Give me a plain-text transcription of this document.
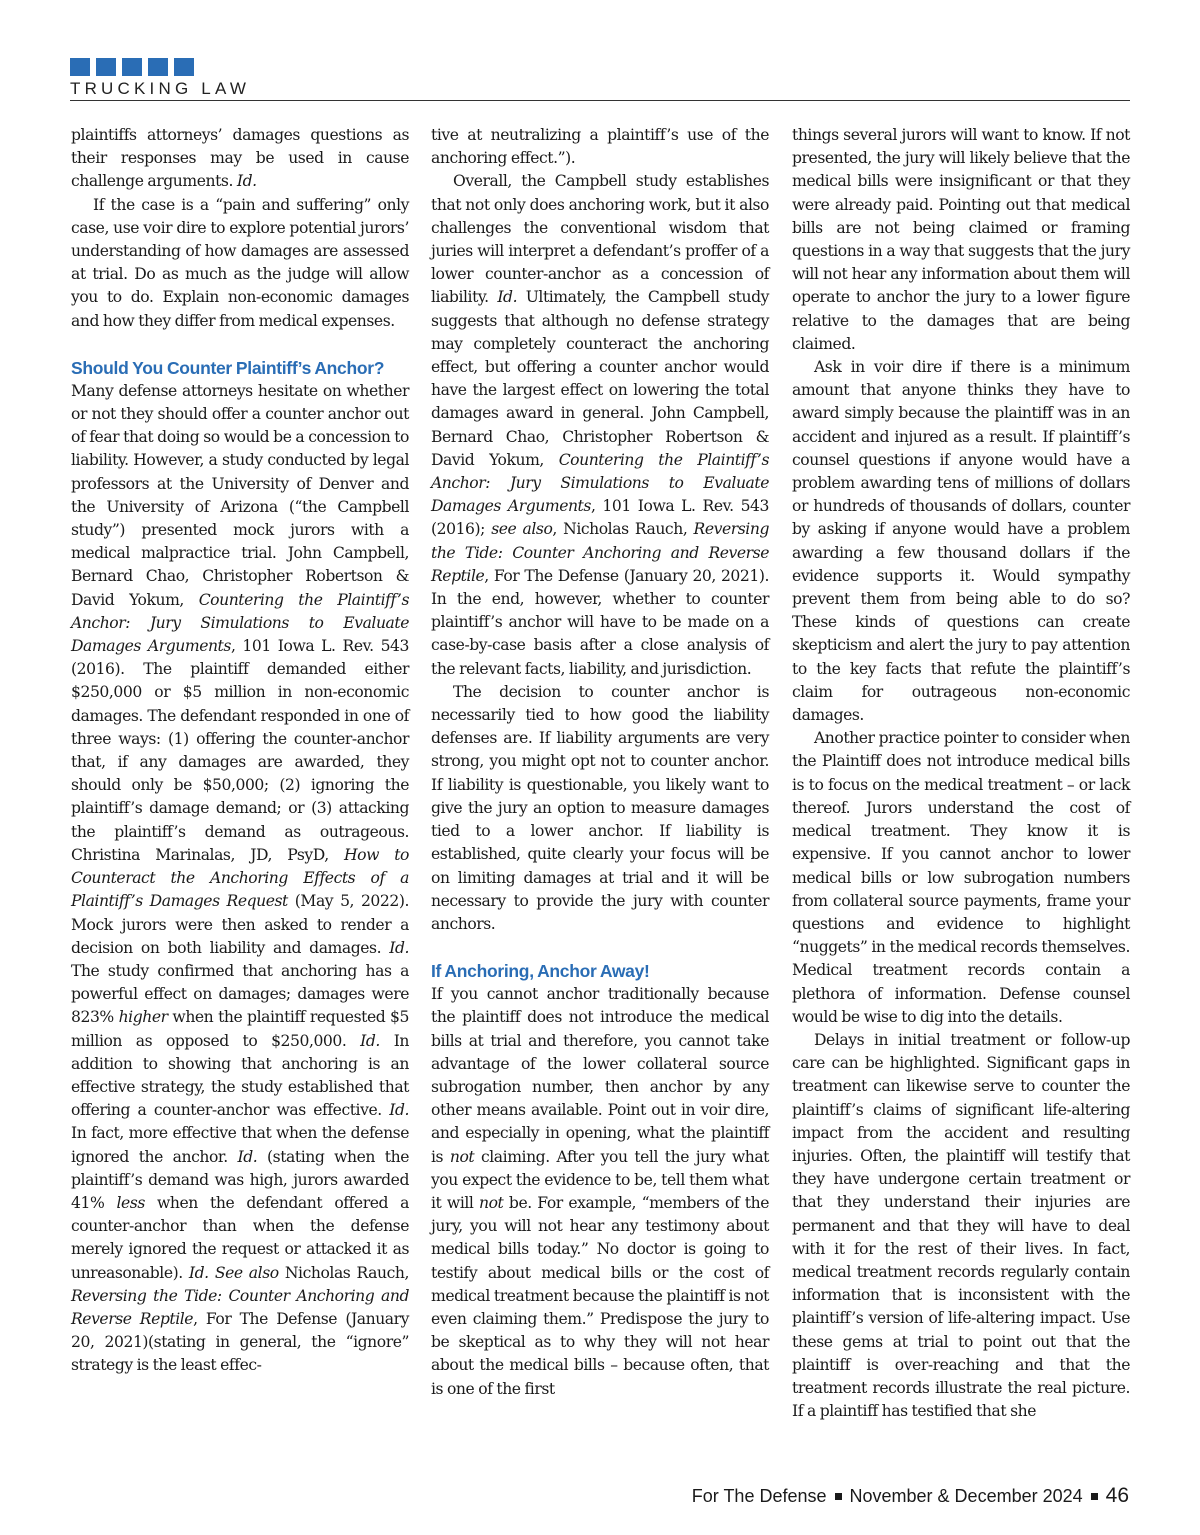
TRUCKING LAW

plaintiffs attorneys’ damages questions as their responses may be used in cause challenge arguments. Id.

If the case is a “pain and suffering” only case, use voir dire to explore potential jurors’ understanding of how damages are assessed at trial. Do as much as the judge will allow you to do. Explain non-economic damages and how they differ from medical expenses.

Should You Counter Plaintiff’s Anchor?

Many defense attorneys hesitate on whether or not they should offer a counter anchor out of fear that doing so would be a concession to liability. However, a study conducted by legal professors at the University of Denver and the University of Arizona (“the Campbell study”) presented mock jurors with a medical malpractice trial. John Campbell, Bernard Chao, Christopher Robertson & David Yokum, Countering the Plaintiff’s Anchor: Jury Simulations to Evaluate Damages Arguments, 101 Iowa L. Rev. 543 (2016). The plaintiff demanded either $250,000 or $5 million in non-economic damages. The defendant responded in one of three ways: (1) offering the counter-anchor that, if any damages are awarded, they should only be $50,000; (2) ignoring the plaintiff’s damage demand; or (3) attacking the plaintiff’s demand as outrageous. Christina Marinalas, JD, PsyD, How to Counteract the Anchoring Effects of a Plaintiff’s Damages Request (May 5, 2022). Mock jurors were then asked to render a decision on both liability and damages. Id. The study confirmed that anchoring has a powerful effect on damages; damages were 823% higher when the plaintiff requested $5 million as opposed to $250,000. Id. In addition to showing that anchoring is an effective strategy, the study established that offering a counter-anchor was effective. Id. In fact, more effective that when the defense ignored the anchor. Id. (stating when the plaintiff’s demand was high, jurors awarded 41% less when the defendant offered a counter-anchor than when the defense merely ignored the request or attacked it as unreasonable). Id. See also Nicholas Rauch, Reversing the Tide: Counter Anchoring and Reverse Reptile, For The Defense (January 20, 2021)(stating in general, the “ignore” strategy is the least effec-

tive at neutralizing a plaintiff’s use of the anchoring effect.”).

Overall, the Campbell study establishes that not only does anchoring work, but it also challenges the conventional wisdom that juries will interpret a defendant’s proffer of a lower counter-anchor as a concession of liability. Id. Ultimately, the Campbell study suggests that although no defense strategy may completely counteract the anchoring effect, but offering a counter anchor would have the largest effect on lowering the total damages award in general. John Campbell, Bernard Chao, Christopher Robertson & David Yokum, Countering the Plaintiff’s Anchor: Jury Simulations to Evaluate Damages Arguments, 101 Iowa L. Rev. 543 (2016); see also, Nicholas Rauch, Reversing the Tide: Counter Anchoring and Reverse Reptile, For The Defense (January 20, 2021). In the end, however, whether to counter plaintiff’s anchor will have to be made on a case-by-case basis after a close analysis of the relevant facts, liability, and jurisdiction.

The decision to counter anchor is necessarily tied to how good the liability defenses are. If liability arguments are very strong, you might opt not to counter anchor. If liability is questionable, you likely want to give the jury an option to measure damages tied to a lower anchor. If liability is established, quite clearly your focus will be on limiting damages at trial and it will be necessary to provide the jury with counter anchors.

If Anchoring, Anchor Away!

If you cannot anchor traditionally because the plaintiff does not introduce the medical bills at trial and therefore, you cannot take advantage of the lower collateral source subrogation number, then anchor by any other means available. Point out in voir dire, and especially in opening, what the plaintiff is not claiming. After you tell the jury what you expect the evidence to be, tell them what it will not be. For example, “members of the jury, you will not hear any testimony about medical bills today.” No doctor is going to testify about medical bills or the cost of medical treatment because the plaintiff is not even claiming them.” Predispose the jury to be skeptical as to why they will not hear about the medical bills – because often, that is one of the first

things several jurors will want to know. If not presented, the jury will likely believe that the medical bills were insignificant or that they were already paid. Pointing out that medical bills are not being claimed or framing questions in a way that suggests that the jury will not hear any information about them will operate to anchor the jury to a lower figure relative to the damages that are being claimed.

Ask in voir dire if there is a minimum amount that anyone thinks they have to award simply because the plaintiff was in an accident and injured as a result. If plaintiff’s counsel questions if anyone would have a problem awarding tens of millions of dollars or hundreds of thousands of dollars, counter by asking if anyone would have a problem awarding a few thousand dollars if the evidence supports it. Would sympathy prevent them from being able to do so? These kinds of questions can create skepticism and alert the jury to pay attention to the key facts that refute the plaintiff’s claim for outrageous non-economic damages.

Another practice pointer to consider when the Plaintiff does not introduce medical bills is to focus on the medical treatment – or lack thereof. Jurors understand the cost of medical treatment. They know it is expensive. If you cannot anchor to lower medical bills or low subrogation numbers from collateral source payments, frame your questions and evidence to highlight “nuggets” in the medical records themselves. Medical treatment records contain a plethora of information. Defense counsel would be wise to dig into the details.

Delays in initial treatment or follow-up care can be highlighted. Significant gaps in treatment can likewise serve to counter the plaintiff’s claims of significant life-altering impact from the accident and resulting injuries. Often, the plaintiff will testify that they have undergone certain treatment or that they understand their injuries are permanent and that they will have to deal with it for the rest of their lives. In fact, medical treatment records regularly contain information that is inconsistent with the plaintiff’s version of life-altering impact. Use these gems at trial to point out that the plaintiff is over-reaching and that the treatment records illustrate the real picture. If a plaintiff has testified that she

For The Defense November & December 2024 46
